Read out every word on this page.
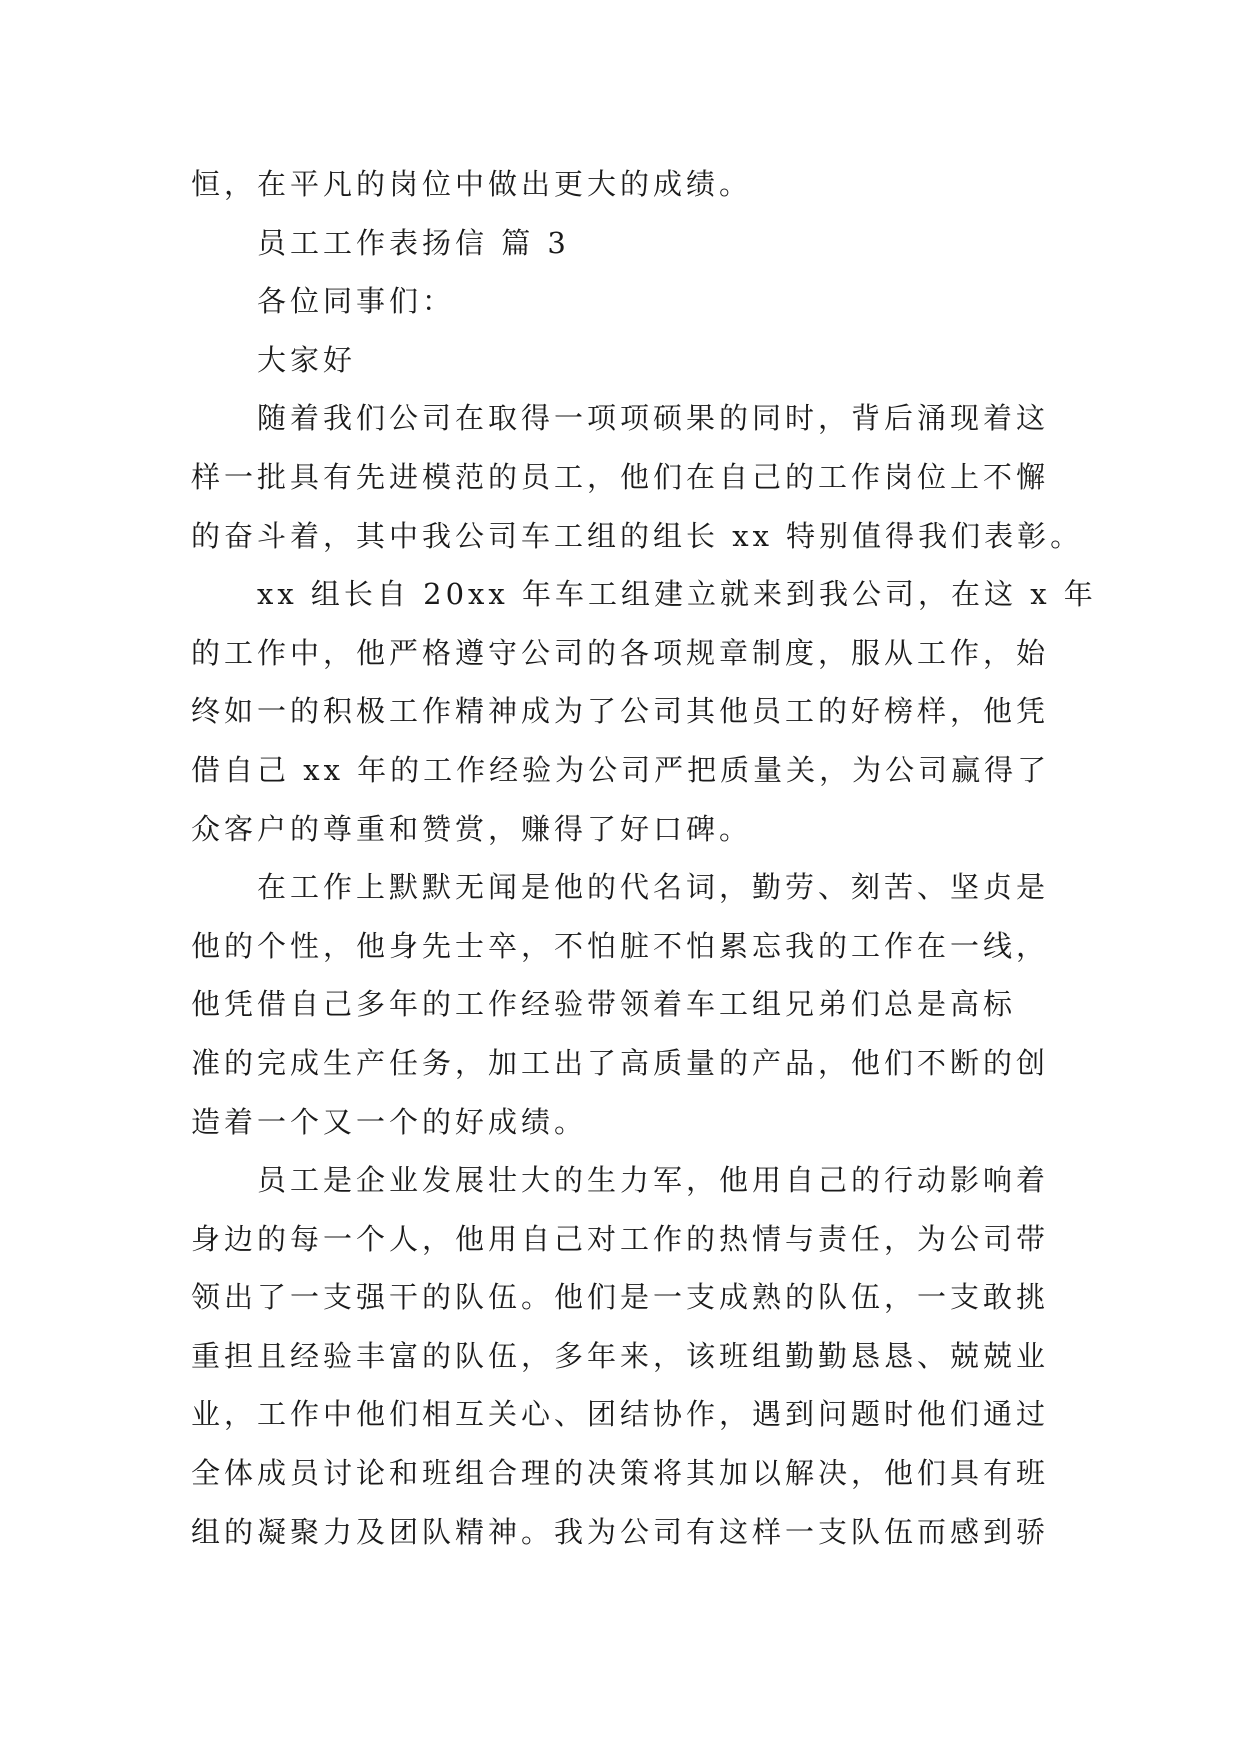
恒，在平凡的岗位中做出更大的成绩。
员工工作表扬信 篇 3
各位同事们：
大家好
随着我们公司在取得一项项硕果的同时，背后涌现着这
样一批具有先进模范的员工，他们在自己的工作岗位上不懈
的奋斗着，其中我公司车工组的组长 xx 特别值得我们表彰。
xx 组长自 20xx 年车工组建立就来到我公司，在这 x 年
的工作中，他严格遵守公司的各项规章制度，服从工作，始
终如一的积极工作精神成为了公司其他员工的好榜样，他凭
借自己 xx 年的工作经验为公司严把质量关，为公司赢得了
众客户的尊重和赞赏，赚得了好口碑。
在工作上默默无闻是他的代名词，勤劳、刻苦、坚贞是
他的个性，他身先士卒，不怕脏不怕累忘我的工作在一线，
他凭借自己多年的工作经验带领着车工组兄弟们总是高标
准的完成生产任务，加工出了高质量的产品，他们不断的创
造着一个又一个的好成绩。
员工是企业发展壮大的生力军，他用自己的行动影响着
身边的每一个人，他用自己对工作的热情与责任，为公司带
领出了一支强干的队伍。他们是一支成熟的队伍，一支敢挑
重担且经验丰富的队伍，多年来，该班组勤勤恳恳、兢兢业
业，工作中他们相互关心、团结协作，遇到问题时他们通过
全体成员讨论和班组合理的决策将其加以解决，他们具有班
组的凝聚力及团队精神。我为公司有这样一支队伍而感到骄
